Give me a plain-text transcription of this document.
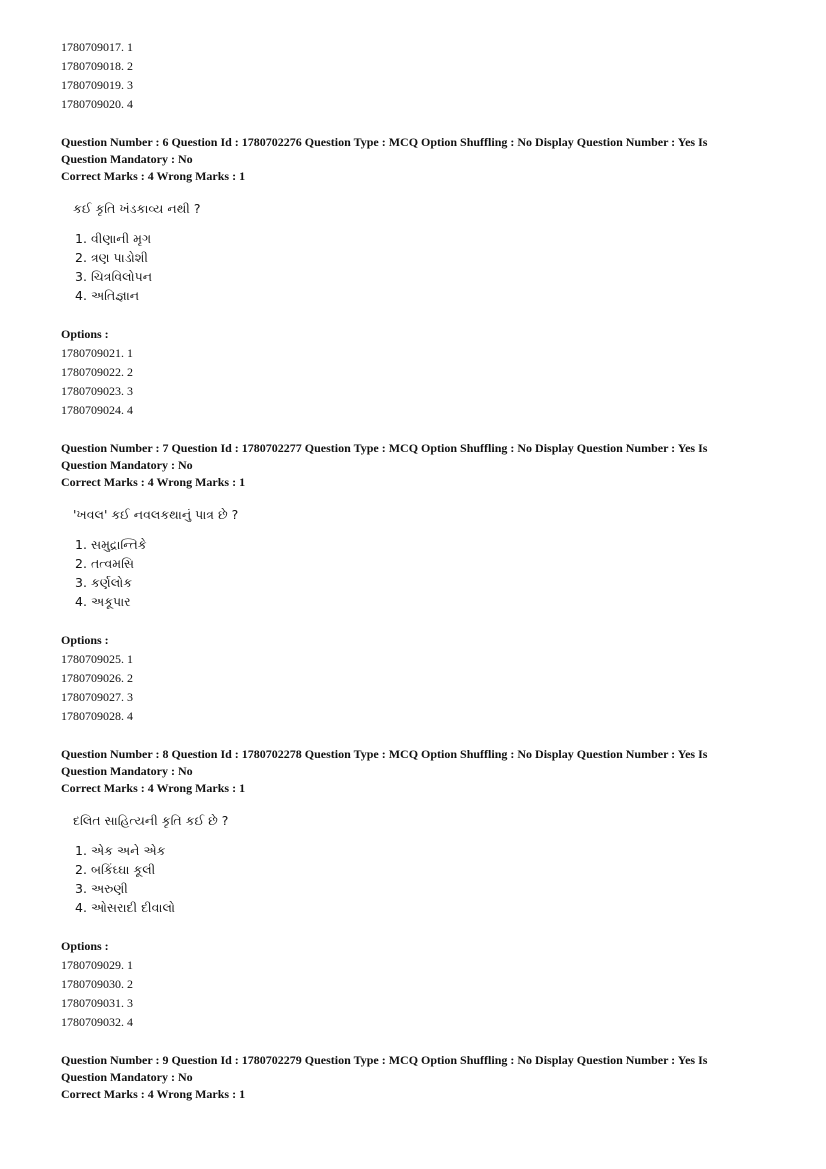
1780709017. 1
1780709018. 2
1780709019. 3
1780709020. 4
Question Number : 6 Question Id : 1780702276 Question Type : MCQ Option Shuffling : No Display Question Number : Yes Is
Question Mandatory : No
Correct Marks : 4 Wrong Marks : 1
કઈ કૃતિ ખંડકાવ્ય નથી ?
1. વીણાની મૃગ
2. ત્રણ પાડોશી
3. ચિત્રવિલોપન
4. અતિજ્ઞાન
Options :
1780709021. 1
1780709022. 2
1780709023. 3
1780709024. 4
Question Number : 7 Question Id : 1780702277 Question Type : MCQ Option Shuffling : No Display Question Number : Yes Is
Question Mandatory : No
Correct Marks : 4 Wrong Marks : 1
'ખવલ' કઈ નવલકથાનું પાત્ર છે ?
1. સમુદ્રાન્તિકે
2. તત્વમસિ
3. કર્ણલોક
4. અકૂપાર
Options :
1780709025. 1
1780709026. 2
1780709027. 3
1780709028. 4
Question Number : 8 Question Id : 1780702278 Question Type : MCQ Option Shuffling : No Display Question Number : Yes Is
Question Mandatory : No
Correct Marks : 4 Wrong Marks : 1
દલિત સાહિત્યની કૃતિ કઈ છે ?
1. એક અને એક
2. બકિંઘ્ઘા કૂલી
3. અરુણી
4. ઓસરાદી દીવાલો
Options :
1780709029. 1
1780709030. 2
1780709031. 3
1780709032. 4
Question Number : 9 Question Id : 1780702279 Question Type : MCQ Option Shuffling : No Display Question Number : Yes Is
Question Mandatory : No
Correct Marks : 4 Wrong Marks : 1
